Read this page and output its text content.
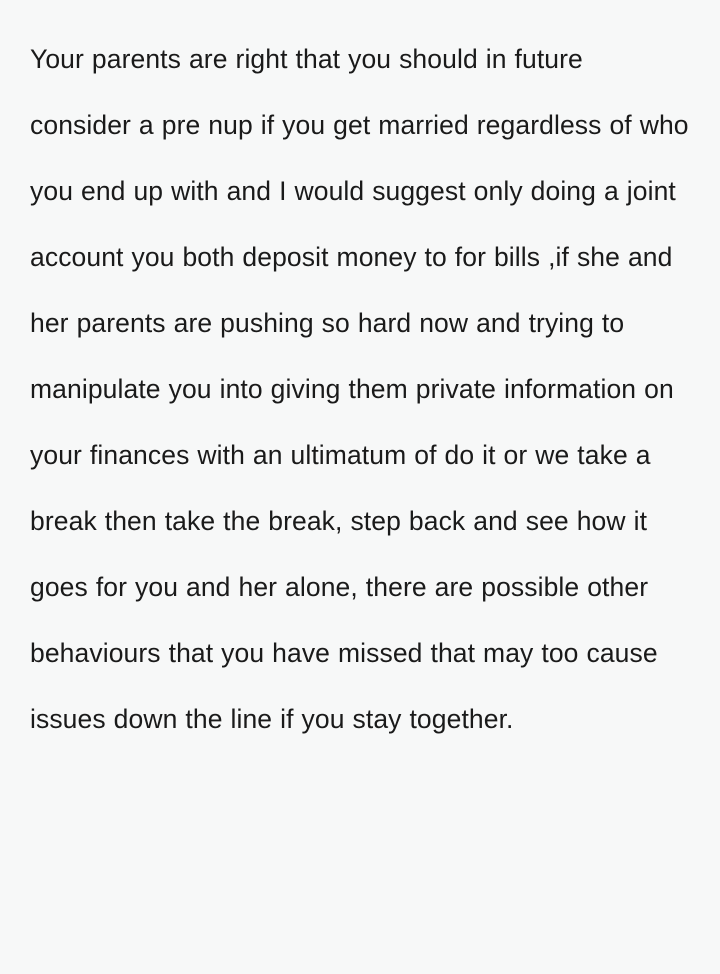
Your parents are right that you should in future consider a pre nup if you get married regardless of who you end up with and I would suggest only doing a joint account you both deposit money to for bills ,if she and her parents are pushing so hard now and trying to manipulate you into giving them private information on your finances with an ultimatum of do it or we take a break then take the break, step back and see how it goes for you and her alone, there are possible other behaviours that you have missed that may too cause issues down the line if you stay together.
